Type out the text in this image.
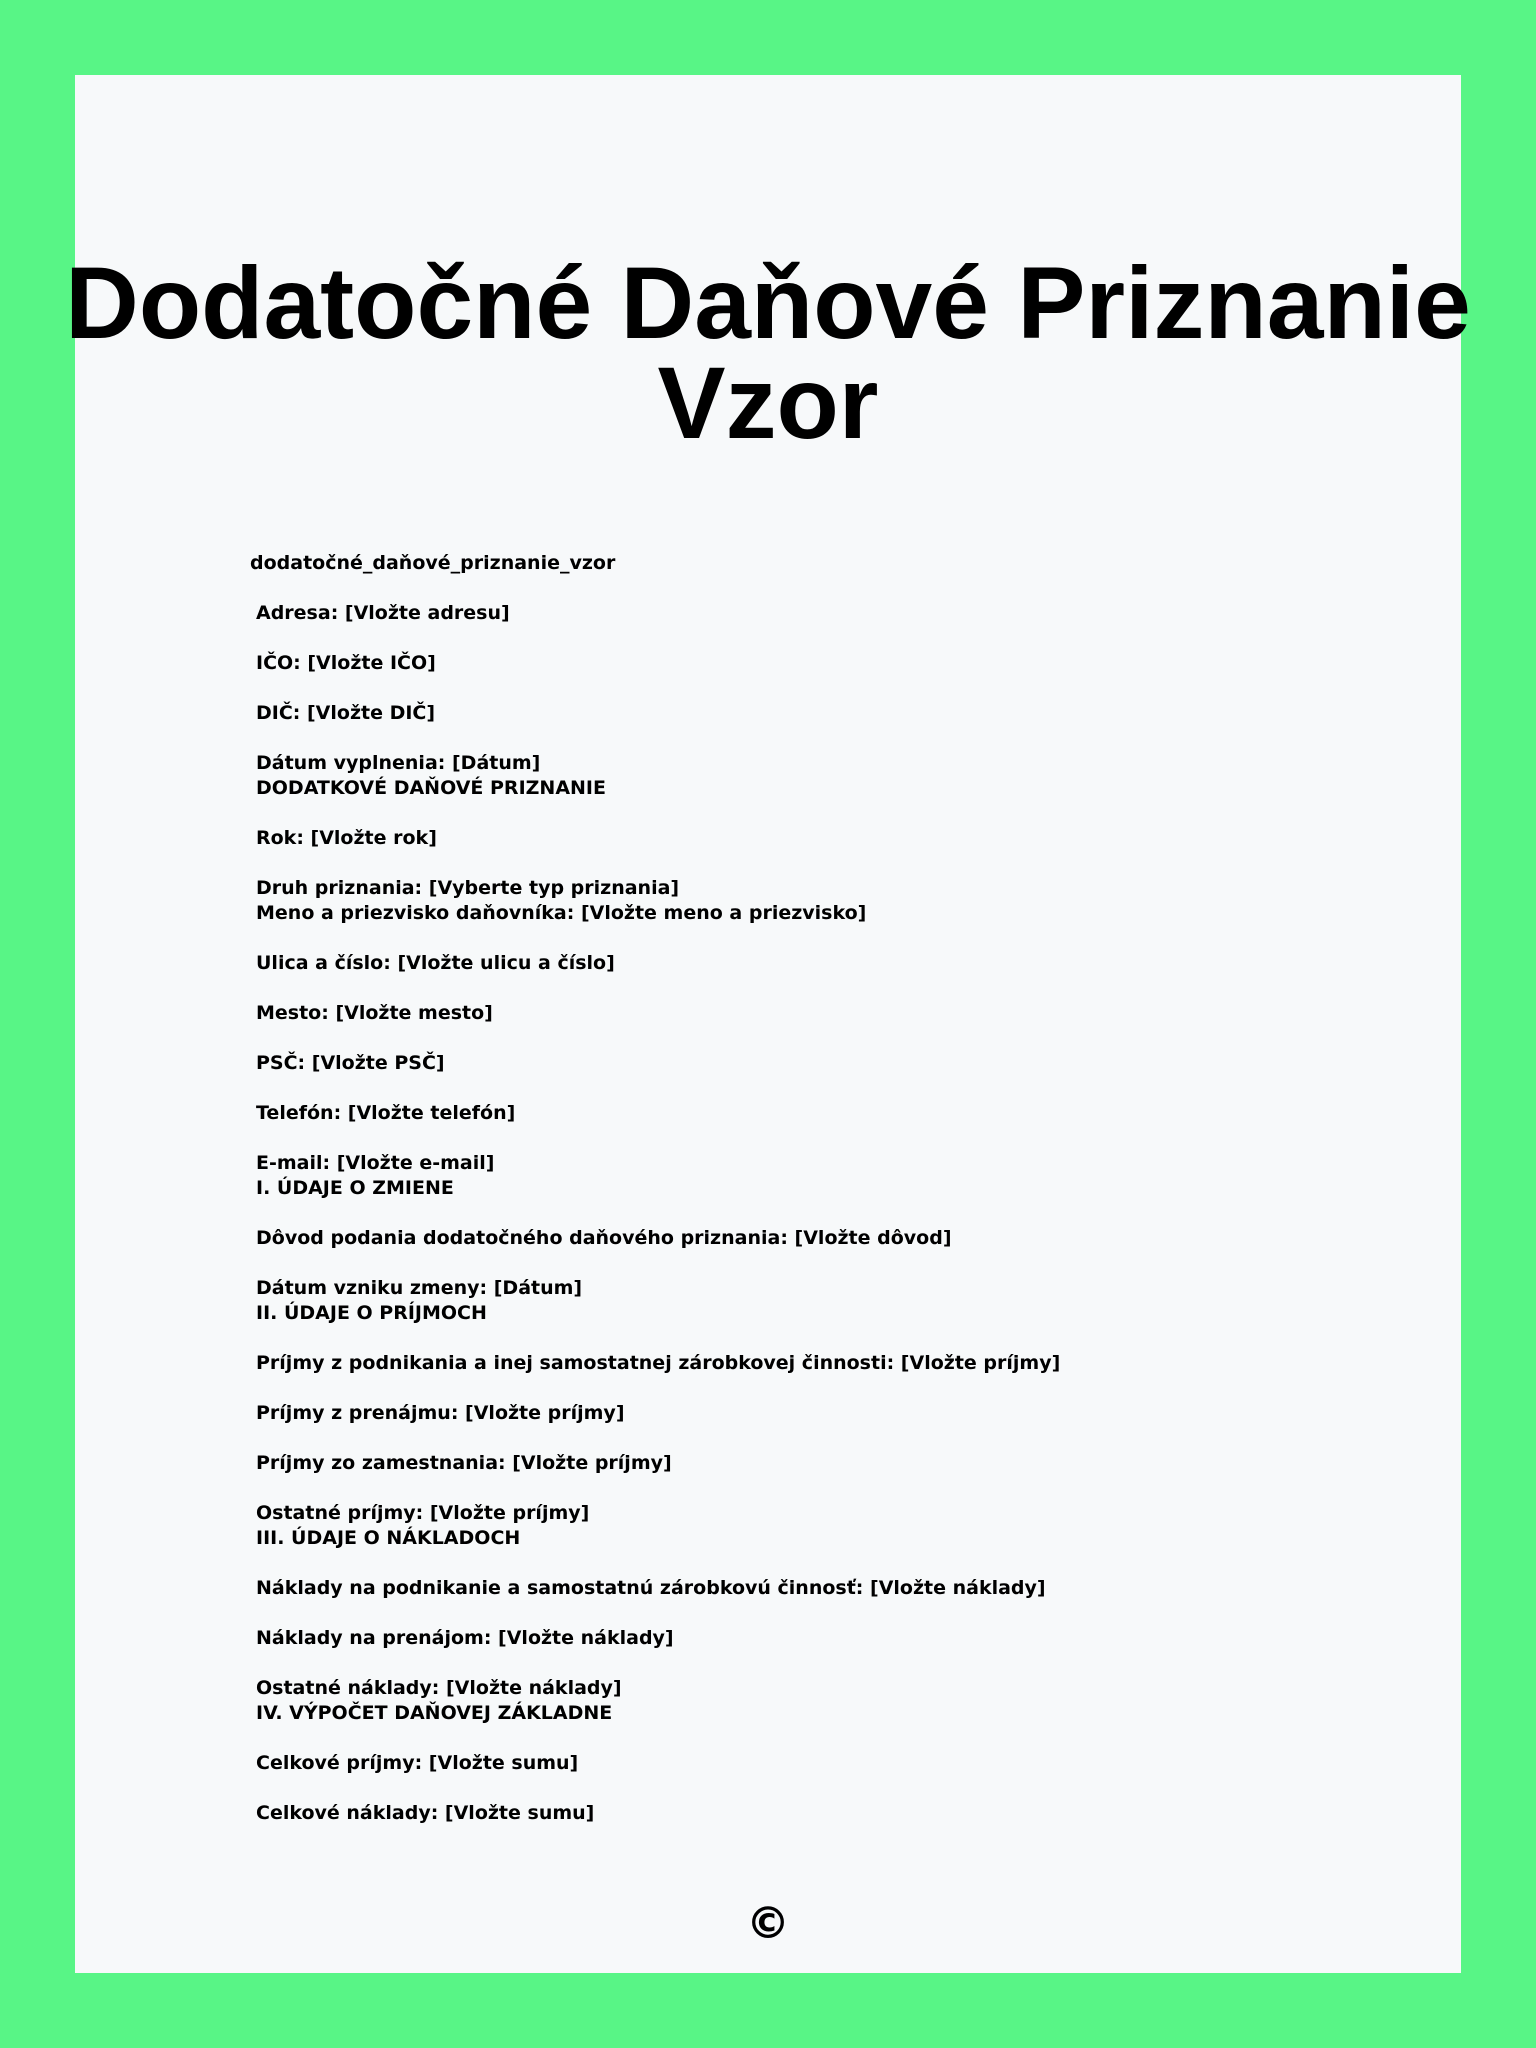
Dodatočné Daňové Priznanie
Vzor
dodatočné_daňové_priznanie_vzor

Adresa: [Vložte adresu]

IČO: [Vložte IČO]

DIČ: [Vložte DIČ]

Dátum vyplnenia: [Dátum]

DODATKOVÉ DAŇOVÉ PRIZNANIE

Rok: [Vložte rok]

Druh priznania: [Vyberte typ priznania]

Meno a priezvisko daňovníka: [Vložte meno a priezvisko]

Ulica a číslo: [Vložte ulicu a číslo]

Mesto: [Vložte mesto]

PSČ: [Vložte PSČ]

Telefón: [Vložte telefón]

E-mail: [Vložte e-mail]

I. ÚDAJE O ZMIENE

Dôvod podania dodatočného daňového priznania: [Vložte dôvod]

Dátum vzniku zmeny: [Dátum]

II. ÚDAJE O PRÍJMOCH

Príjmy z podnikania a inej samostatnej zárobkovej činnosti: [Vložte príjmy]

Príjmy z prenájmu: [Vložte príjmy]

Príjmy zo zamestnania: [Vložte príjmy]

Ostatné príjmy: [Vložte príjmy]

III. ÚDAJE O NÁKLADOCH

Náklady na podnikanie a samostatnú zárobkovú činnosť: [Vložte náklady]

Náklady na prenájom: [Vložte náklady]

Ostatné náklady: [Vložte náklady]

IV. VÝPOČET DAŇOVEJ ZÁKLADNE

Celkové príjmy: [Vložte sumu]

Celkové náklady: [Vložte sumu]

©
